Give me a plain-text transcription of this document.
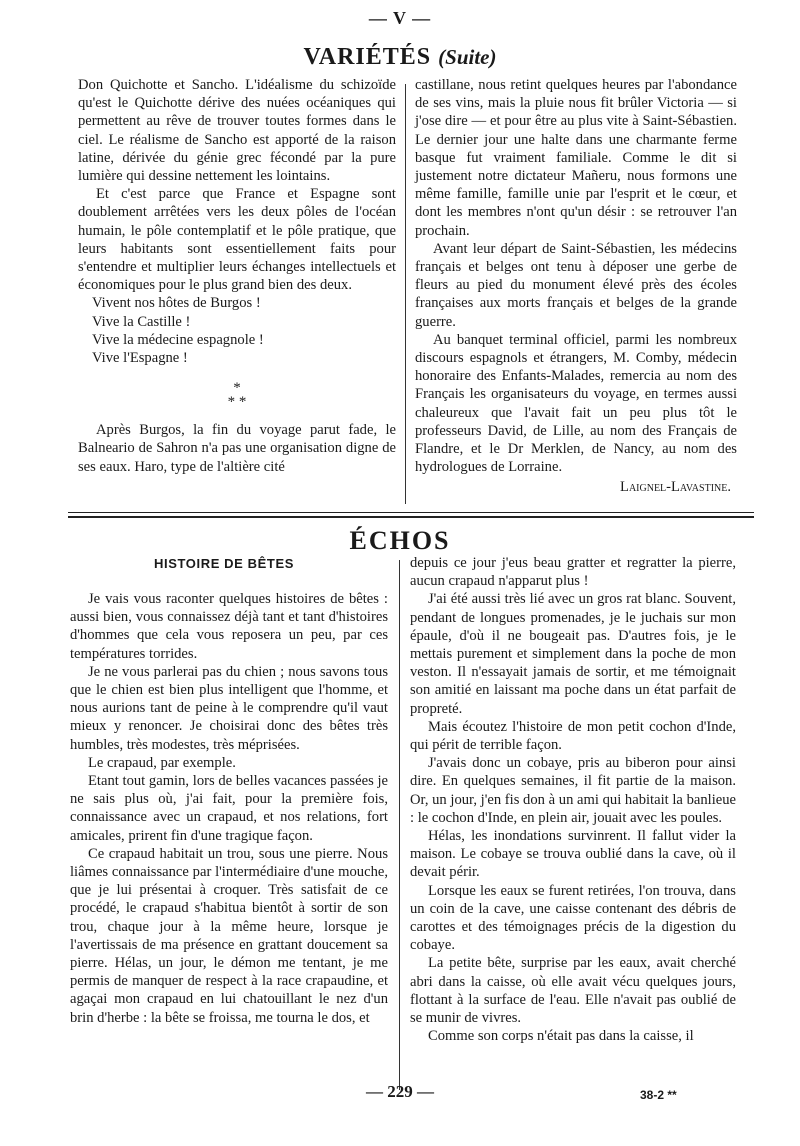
— V —
VARIÉTÉS (Suite)

Don Quichotte et Sancho. L'idéalisme du schizoïde qu'est le Quichotte dérive des nuées océaniques qui permettent au rêve de trouver toutes formes dans le ciel. Le réalisme de Sancho est apporté de la raison latine, dérivée du génie grec fécondé par la pure lumière qui dessine nettement les lointains.

Et c'est parce que France et Espagne sont doublement arrêtées vers les deux pôles de l'océan humain, le pôle contemplatif et le pôle pratique, que leurs habitants sont essentiellement faits pour s'entendre et multiplier leurs échanges intellectuels et économiques pour le plus grand bien des deux.

Vivent nos hôtes de Burgos !

Vive la Castille !

Vive la médecine espagnole !

Vive l'Espagne !

*
* *

Après Burgos, la fin du voyage parut fade, le Balneario de Sahron n'a pas une organisation digne de ses eaux. Haro, type de l'altière cité

castillane, nous retint quelques heures par l'abondance de ses vins, mais la pluie nous fit brûler Victoria — si j'ose dire — et pour être au plus vite à Saint-Sébastien. Le dernier jour une halte dans une charmante ferme basque fut vraiment familiale. Comme le dit si justement notre dictateur Mañeru, nous formons une même famille, famille unie par l'esprit et le cœur, et dont les membres n'ont qu'un désir : se retrouver l'an prochain.

Avant leur départ de Saint-Sébastien, les médecins français et belges ont tenu à déposer une gerbe de fleurs au pied du monument élevé près des écoles françaises aux morts français et belges de la grande guerre.

Au banquet terminal officiel, parmi les nombreux discours espagnols et étrangers, M. Comby, médecin honoraire des Enfants-Malades, remercia au nom des Français les organisateurs du voyage, en termes aussi chaleureux que l'avait fait un peu plus tôt le professeurs David, de Lille, au nom des Français de Flandre, et le Dr Merklen, de Nancy, au nom des hydrologues de Lorraine.

Laignel-Lavastine.

ÉCHOS
HISTOIRE DE BÊTES

Je vais vous raconter quelques histoires de bêtes : aussi bien, vous connaissez déjà tant et tant d'histoires d'hommes que cela vous reposera un peu, par ces températures torrides.

Je ne vous parlerai pas du chien ; nous savons tous que le chien est bien plus intelligent que l'homme, et nous aurions tant de peine à le comprendre qu'il vaut mieux y renoncer. Je choisirai donc des bêtes très humbles, très modestes, très méprisées.

Le crapaud, par exemple.

Etant tout gamin, lors de belles vacances passées je ne sais plus où, j'ai fait, pour la première fois, connaissance avec un crapaud, et nos relations, fort amicales, prirent fin d'une tragique façon.

Ce crapaud habitait un trou, sous une pierre. Nous liâmes connaissance par l'intermédiaire d'une mouche, que je lui présentai à croquer. Très satisfait de ce procédé, le crapaud s'habitua bientôt à sortir de son trou, chaque jour à la même heure, lorsque je l'avertissais de ma présence en grattant doucement sa pierre. Hélas, un jour, le démon me tentant, je me permis de manquer de respect à la race crapaudine, et agaçai mon crapaud en lui chatouillant le nez d'un brin d'herbe : la bête se froissa, me tourna le dos, et

depuis ce jour j'eus beau gratter et regratter la pierre, aucun crapaud n'apparut plus !

J'ai été aussi très lié avec un gros rat blanc. Souvent, pendant de longues promenades, je le juchais sur mon épaule, d'où il ne bougeait pas. D'autres fois, je le mettais purement et simplement dans la poche de mon veston. Il n'essayait jamais de sortir, et me témoignait son amitié en laissant ma poche dans un état parfait de propreté.

Mais écoutez l'histoire de mon petit cochon d'Inde, qui périt de terrible façon.

J'avais donc un cobaye, pris au biberon pour ainsi dire. En quelques semaines, il fit partie de la maison. Or, un jour, j'en fis don à un ami qui habitait la banlieue : le cochon d'Inde, en plein air, jouait avec les poules.

Hélas, les inondations survinrent. Il fallut vider la maison. Le cobaye se trouva oublié dans la cave, où il devait périr.

Lorsque les eaux se furent retirées, l'on trouva, dans un coin de la cave, une caisse contenant des débris de carottes et des témoignages précis de la digestion du cobaye.

La petite bête, surprise par les eaux, avait cherché abri dans la caisse, où elle avait vécu quelques jours, flottant à la surface de l'eau. Elle n'avait pas oublié de se munir de vivres.

Comme son corps n'était pas dans la caisse, il

— 229 —	38-2 **
